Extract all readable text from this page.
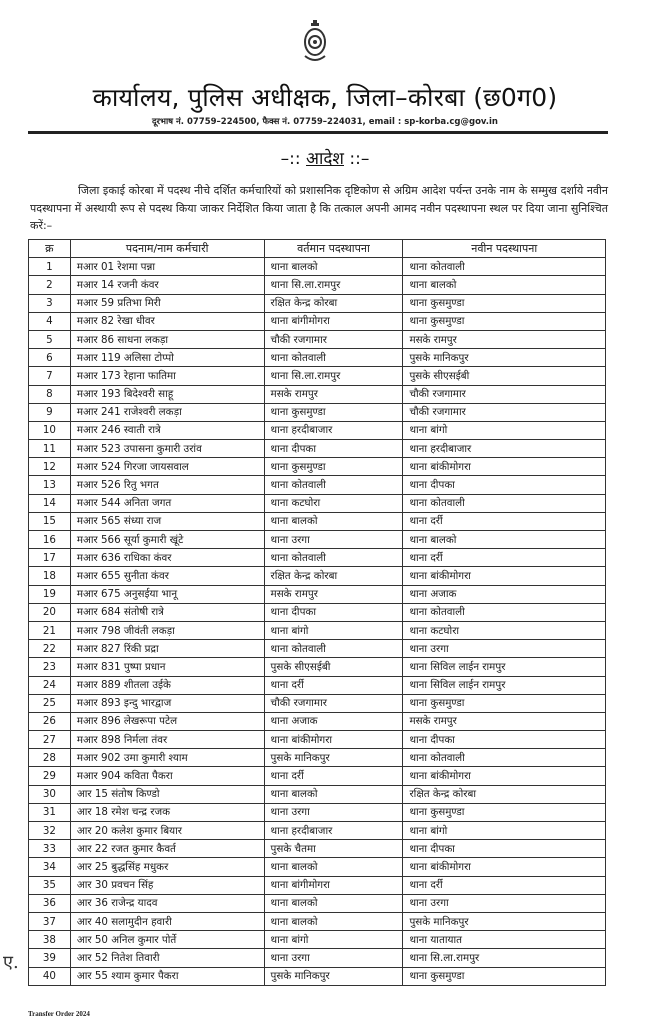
कार्यालय, पुलिस अधीक्षक, जिला–कोरबा (छ0ग0)
दूरभाष नं. 07759–224500, फैक्स नं. 07759–224031, email : sp-korba.cg@gov.in
–:: आदेश ::–
जिला इकाई कोरबा में पदस्थ नीचे दर्शित कर्मचारियों को प्रशासनिक दृष्टिकोण से अग्रिम आदेश पर्यन्त उनके नाम के सम्मुख दर्शाये नवीन पदस्थापना में अस्थायी रूप से पदस्थ किया जाकर निर्देशित किया जाता है कि तत्काल अपनी आमद नवीन पदस्थापना स्थल पर दिया जाना सुनिश्चित करें:–
क्र	पदनाम/नाम कर्मचारी	वर्तमान पदस्थापना	नवीन पदस्थापना
1	मआर 01 रेशमा पन्ना	थाना बालको	थाना कोतवाली
2	मआर 14 रजनी कंवर	थाना सि.ला.रामपुर	थाना बालको
3	मआर 59 प्रतिभा मिरी	रक्षित केन्द्र कोरबा	थाना कुसमुण्डा
4	मआर 82 रेखा धीवर	थाना बांगीमोगरा	थाना कुसमुण्डा
5	मआर 86 साधना लकड़ा	चौकी रजगामार	मसके रामपुर
6	मआर 119 अलिसा टोप्पो	थाना कोतवाली	पुसके मानिकपुर
7	मआर 173 रेहाना फातिमा	थाना सि.ला.रामपुर	पुसके सीएसईबी
8	मआर 193 बिदेश्वरी साहू	मसके रामपुर	चौकी रजगामार
9	मआर 241 राजेश्वरी लकड़ा	थाना कुसमुण्डा	चौकी रजगामार
10	मआर 246 स्वाती रात्रे	थाना हरदीबाजार	थाना बांगो
11	मआर 523 उपासना कुमारी उरांव	थाना दीपका	थाना हरदीबाजार
12	मआर 524 गिरजा जायसवाल	थाना कुसमुण्डा	थाना बांकीमोगरा
13	मआर 526 रितु भगत	थाना कोतवाली	थाना दीपका
14	मआर 544 अनिता जगत	थाना कटघोरा	थाना कोतवाली
15	मआर 565 संध्या राज	थाना बालको	थाना दर्री
16	मआर 566 सूर्या कुमारी खूंटे	थाना उरगा	थाना बालको
17	मआर 636 राधिका कंवर	थाना कोतवाली	थाना दर्री
18	मआर 655 सुनीता कंवर	रक्षित केन्द्र कोरबा	थाना बांकीमोगरा
19	मआर 675 अनुसईया भानू	मसके रामपुर	थाना अजाक
20	मआर 684 संतोषी रात्रे	थाना दीपका	थाना कोतवाली
21	मआर 798 जीवंती लकड़ा	थाना बांगो	थाना कटघोरा
22	मआर 827 रिंकी प्रद्रा	थाना कोतवाली	थाना उरगा
23	मआर 831 पुष्पा प्रधान	पुसके सीएसईबी	थाना सिविल लाईन रामपुर
24	मआर 889 शीतला उईके	थाना दर्री	थाना सिविल लाईन रामपुर
25	मआर 893 इन्दु भारद्वाज	चौकी रजगामार	थाना कुसमुण्डा
26	मआर 896 लेखरूपा पटेल	थाना अजाक	मसके रामपुर
27	मआर 898 निर्मला तंवर	थाना बांकीमोगरा	थाना दीपका
28	मआर 902 उमा कुमारी श्याम	पुसके मानिकपुर	थाना कोतवाली
29	मआर 904 कविता पैकरा	थाना दर्री	थाना बांकीमोगरा
30	आर 15 संतोष किण्डो	थाना बालको	रक्षित केन्द्र कोरबा
31	आर 18 रमेश चन्द्र रजक	थाना उरगा	थाना कुसमुण्डा
32	आर 20 कलेश कुमार बियार	थाना हरदीबाजार	थाना बांगो
33	आर 22 रजत कुमार कैवर्त	पुसके चैतमा	थाना दीपका
34	आर 25 बुद्धसिंह मधुकर	थाना बालको	थाना बांकीमोगरा
35	आर 30 प्रवचन सिंह	थाना बांगीमोगरा	थाना दर्री
36	आर 36 राजेन्द्र यादव	थाना बालको	थाना उरगा
37	आर 40 सलामुदीन हवारी	थाना बालको	पुसके मानिकपुर
38	आर 50 अनिल कुमार पोर्ते	थाना बांगो	थाना यातायात
39	आर 52 नितेश तिवारी	थाना उरगा	थाना सि.ला.रामपुर
40	आर 55 श्याम कुमार पैकरा	पुसके मानिकपुर	थाना कुसमुण्डा
ए.
Transfer Order 2024
